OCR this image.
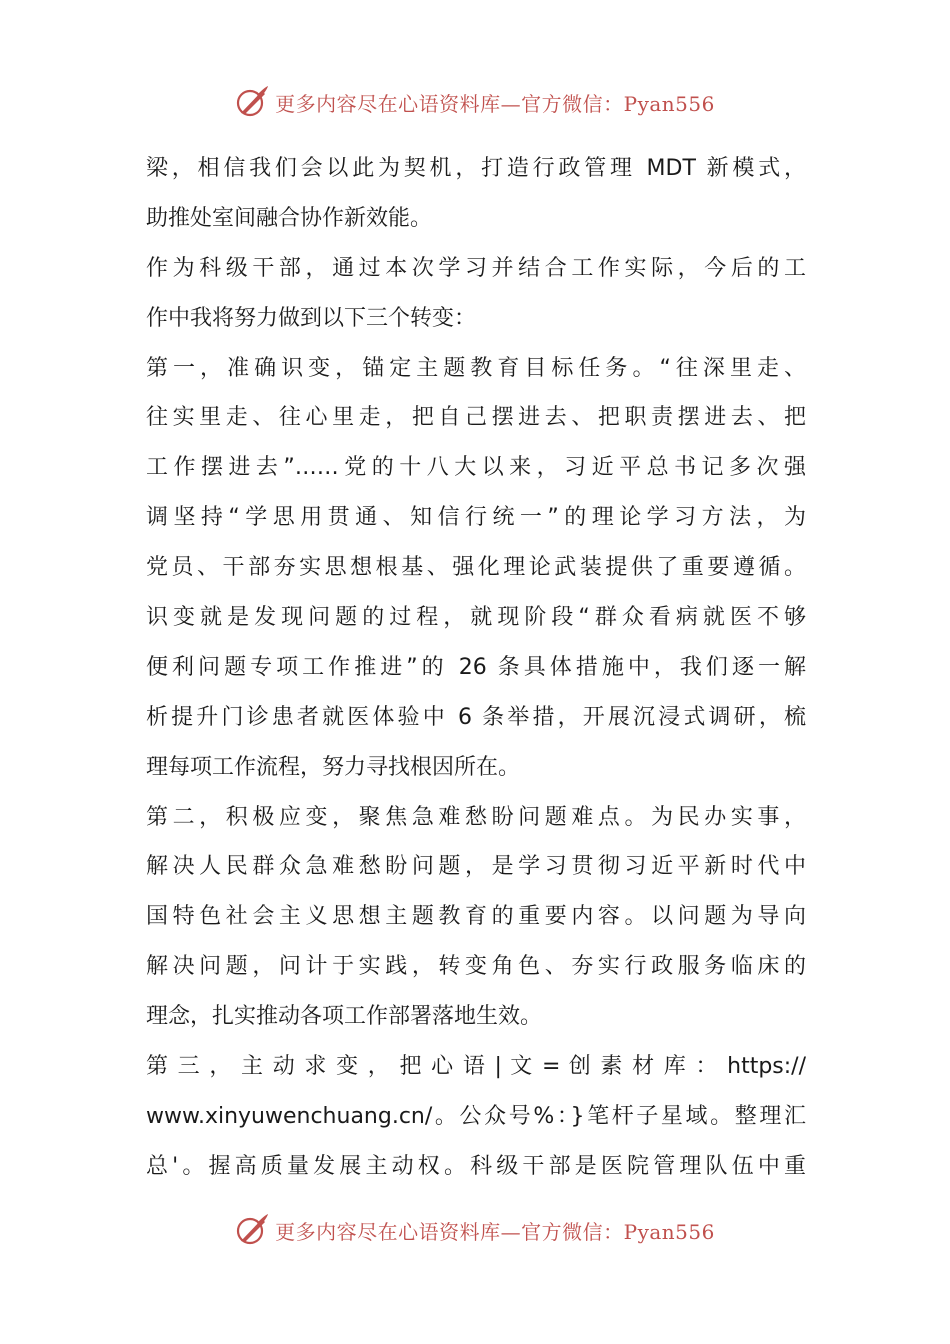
更多内容尽在心语资料库—官方微信：Pyan556
梁，相信我们会以此为契机，打造行政管理 MDT 新模式，
助推处室间融合协作新效能。
作为科级干部，通过本次学习并结合工作实际，今后的工
作中我将努力做到以下三个转变：
第一，准确识变，锚定主题教育目标任务。“往深里走、
往实里走、往心里走，把自己摆进去、把职责摆进去、把
工作摆进去”……党的十八大以来，习近平总书记多次强
调坚持“学思用贯通、知信行统一”的理论学习方法，为
党员、干部夯实思想根基、强化理论武装提供了重要遵循。
识变就是发现问题的过程，就现阶段“群众看病就医不够
便利问题专项工作推进”的 26 条具体措施中，我们逐一解
析提升门诊患者就医体验中 6 条举措，开展沉浸式调研，梳
理每项工作流程，努力寻找根因所在。
第二，积极应变，聚焦急难愁盼问题难点。为民办实事，
解决人民群众急难愁盼问题，是学习贯彻习近平新时代中
国特色社会主义思想主题教育的重要内容。以问题为导向
解决问题，问计于实践，转变角色、夯实行政服务临床的
理念，扎实推动各项工作部署落地生效。
第 三 ， 主 动 求 变 ， 把 心 语 | 文 = 创 素 材 库 ： https://
www.xinyuwenchuang.cn/。公众号%：}笔杆子星域。整理汇
总'。握高质量发展主动权。科级干部是医院管理队伍中重
更多内容尽在心语资料库—官方微信：Pyan556
